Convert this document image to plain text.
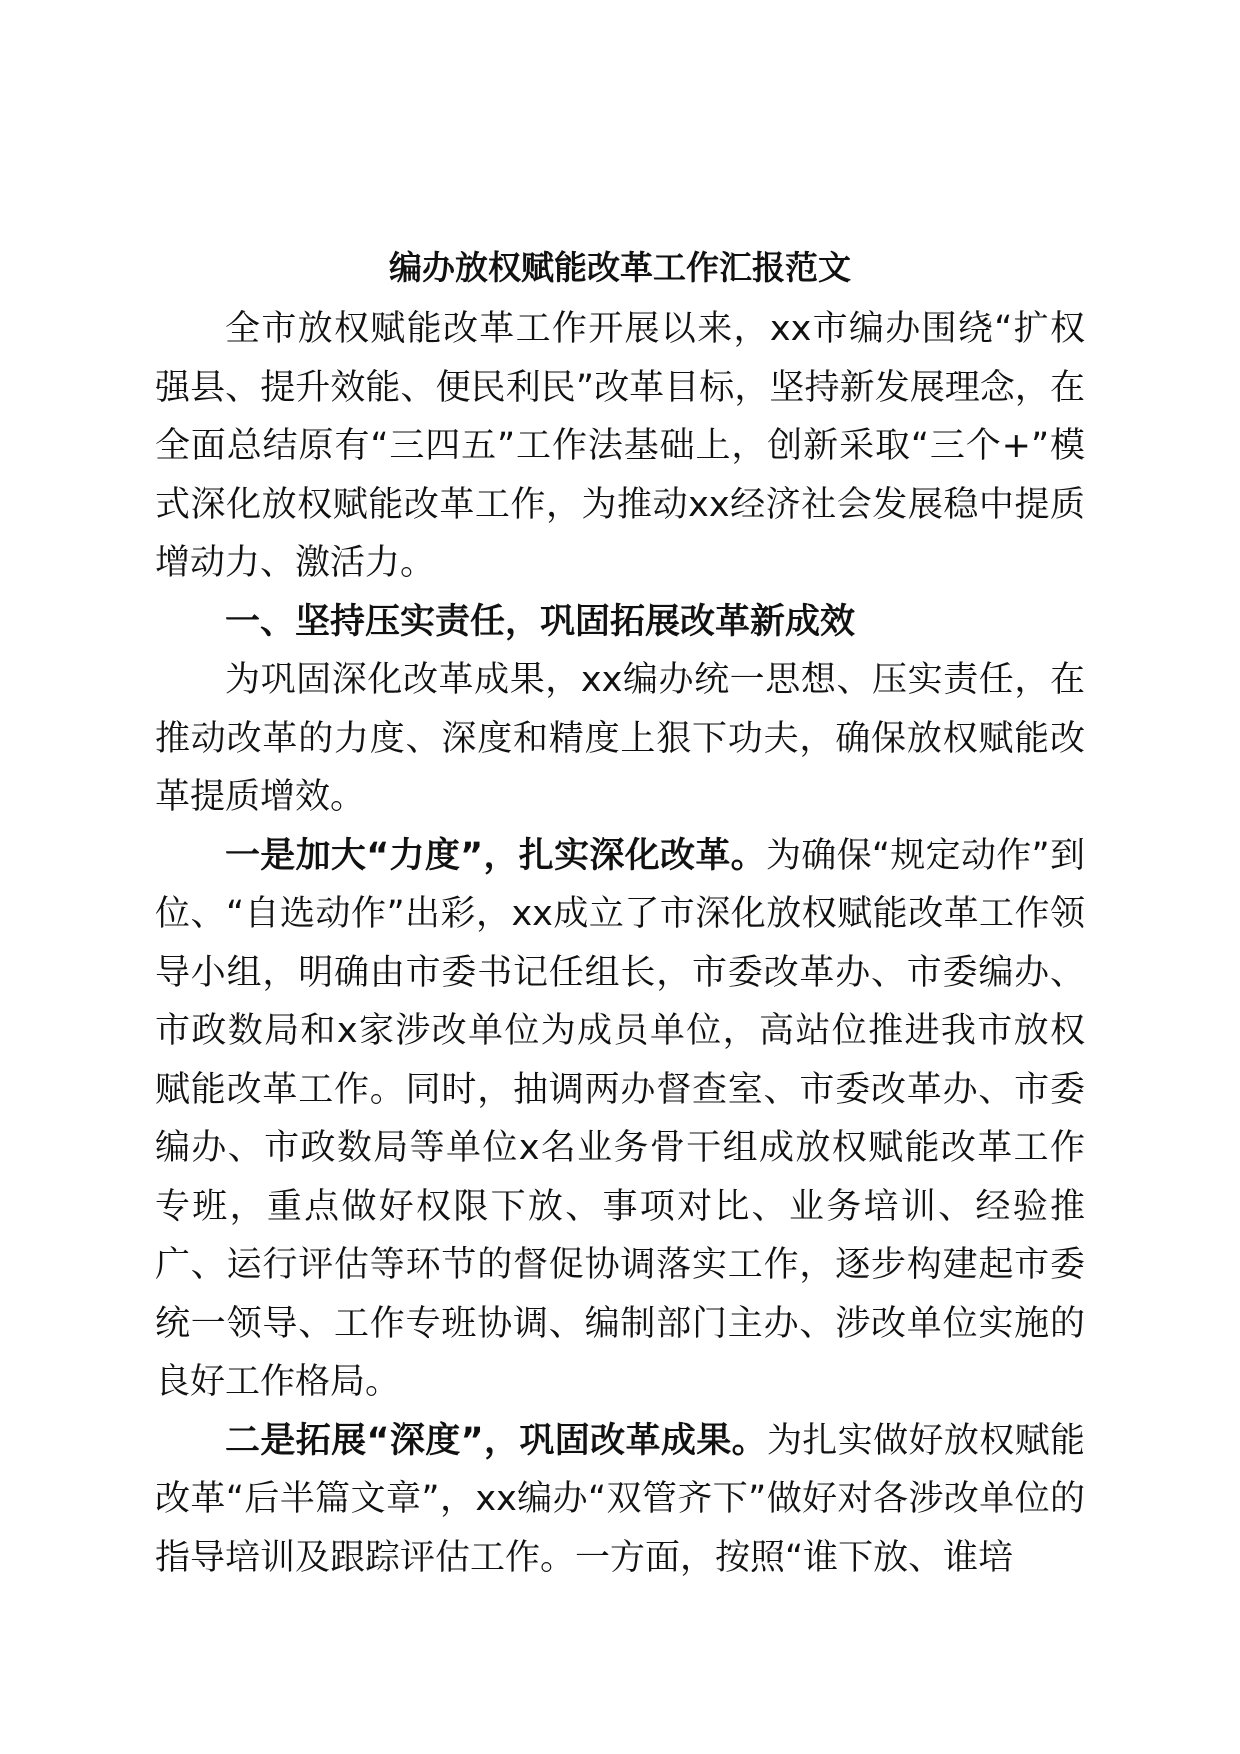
编办放权赋能改革工作汇报范文

全市放权赋能改革工作开展以来，xx市编办围绕“扩权强县、提升效能、便民利民”改革目标，坚持新发展理念，在全面总结原有“三四五”工作法基础上，创新采取“三个+”模式深化放权赋能改革工作，为推动xx经济社会发展稳中提质增动力、激活力。

一、坚持压实责任，巩固拓展改革新成效

为巩固深化改革成果，xx编办统一思想、压实责任，在推动改革的力度、深度和精度上狠下功夫，确保放权赋能改革提质增效。

一是加大“力度”，扎实深化改革。为确保“规定动作”到位、“自选动作”出彩，xx成立了市深化放权赋能改革工作领导小组，明确由市委书记任组长，市委改革办、市委编办、市政数局和x家涉改单位为成员单位，高站位推进我市放权赋能改革工作。同时，抽调两办督查室、市委改革办、市委编办、市政数局等单位x名业务骨干组成放权赋能改革工作专班，重点做好权限下放、事项对比、业务培训、经验推广、运行评估等环节的督促协调落实工作，逐步构建起市委统一领导、工作专班协调、编制部门主办、涉改单位实施的良好工作格局。

二是拓展“深度”，巩固改革成果。为扎实做好放权赋能改革“后半篇文章”，xx编办“双管齐下”做好对各涉改单位的指导培训及跟踪评估工作。一方面，按照“谁下放、谁培
